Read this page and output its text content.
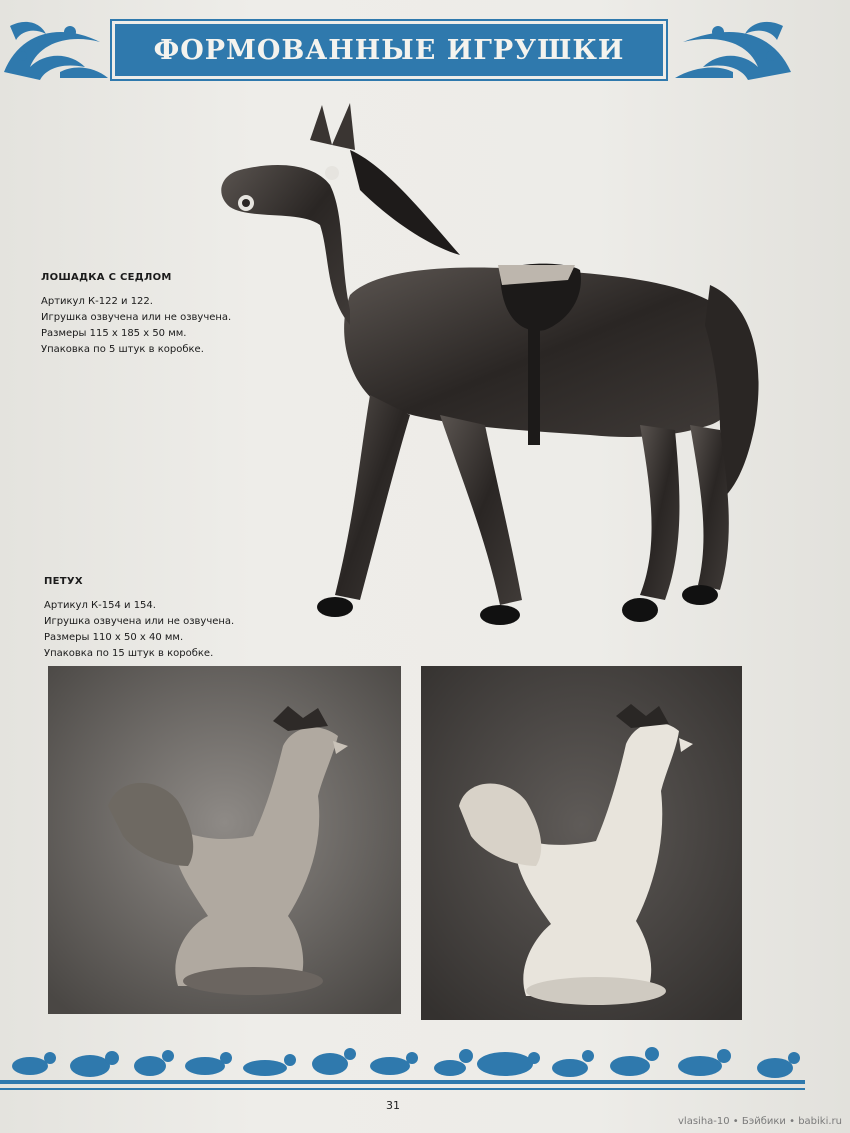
ФОРМОВАННЫЕ ИГРУШКИ
ЛОШАДКА С СЕДЛОМ
Артикул К-122 и 122.
Игрушка озвучена или не озвучена.
Размеры 115 x 185 x 50 мм.
Упаковка по 5 штук в коробке.
ПЕТУХ
Артикул К-154 и 154.
Игрушка озвучена или не озвучена.
Размеры 110 x 50 x 40 мм.
Упаковка по 15 штук в коробке.
31
vlasiha-10 • Бэйбики • babiki.ru
